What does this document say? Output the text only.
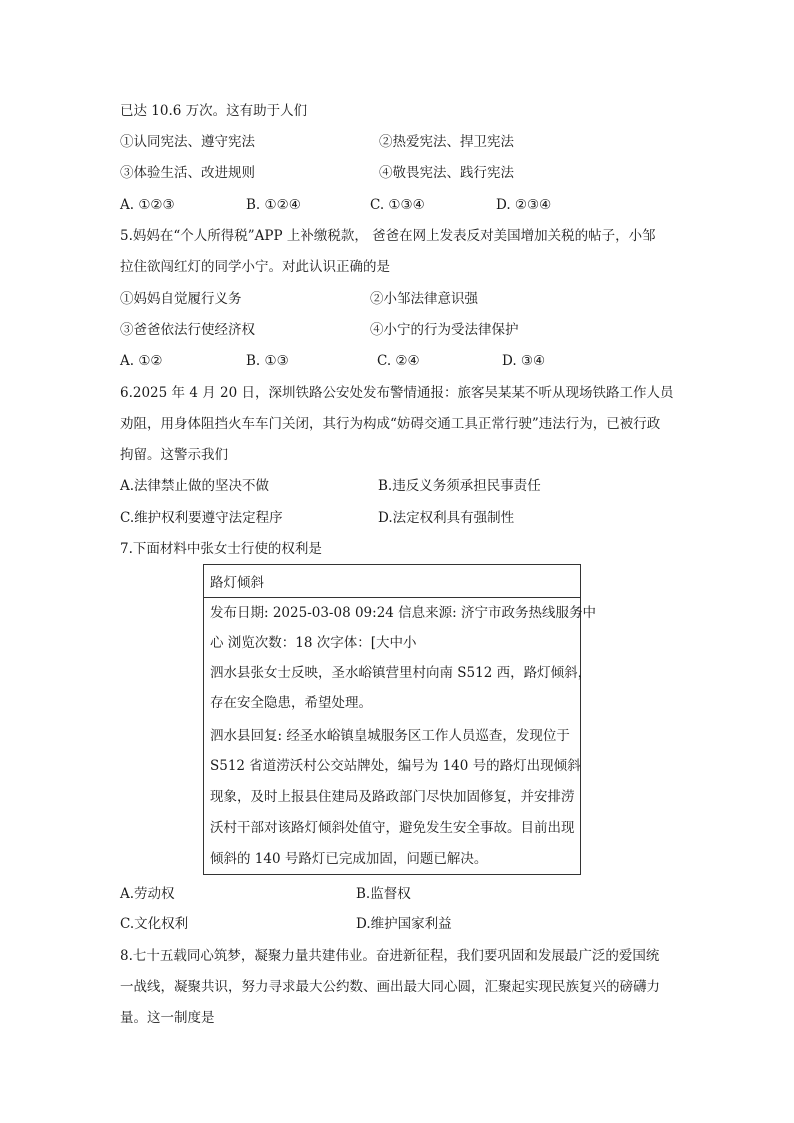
已达 10.6 万次。这有助于人们
①认同宪法、遵守宪法	②热爱宪法、捍卫宪法
③体验生活、改进规则	④敬畏宪法、践行宪法
A. ①②③	B. ①②④	C. ①③④	D. ②③④
5.妈妈在“个人所得税”APP 上补缴税款， 爸爸在网上发表反对美国增加关税的帖子，小邹
拉住欲闯红灯的同学小宁。对此认识正确的是
①妈妈自觉履行义务	②小邹法律意识强
③爸爸依法行使经济权	④小宁的行为受法律保护
A. ①②	B. ①③	C. ②④	D. ③④
6.2025 年 4 月 20 日，深圳铁路公安处发布警情通报：旅客吴某某不听从现场铁路工作人员
劝阻，用身体阻挡火车车门关闭，其行为构成“妨碍交通工具正常行驶”违法行为，已被行政
拘留。这警示我们
A.法律禁止做的坚决不做	B.违反义务须承担民事责任
C.维护权利要遵守法定程序	D.法定权利具有强制性
7.下面材料中张女士行使的权利是
路灯倾斜
发布日期: 2025-03-08 09:24 信息来源: 济宁市政务热线服务中
心 浏览次数：18 次字体：[大中小
泗水县张女士反映，圣水峪镇营里村向南 S512 西，路灯倾斜，
存在安全隐患，希望处理。
泗水县回复: 经圣水峪镇皇城服务区工作人员巡查，发现位于
S512 省道涝沃村公交站牌处，编号为 140 号的路灯出现倾斜
现象，及时上报县住建局及路政部门尽快加固修复，并安排涝
沃村干部对该路灯倾斜处值守，避免发生安全事故。目前出现
倾斜的 140 号路灯已完成加固，问题已解决。
A.劳动权	B.监督权
C.文化权利	D.维护国家利益
8.七十五载同心筑梦，凝聚力量共建伟业。奋进新征程，我们要巩固和发展最广泛的爱国统
一战线，凝聚共识，努力寻求最大公约数、画出最大同心圆，汇聚起实现民族复兴的磅礴力
量。这一制度是
